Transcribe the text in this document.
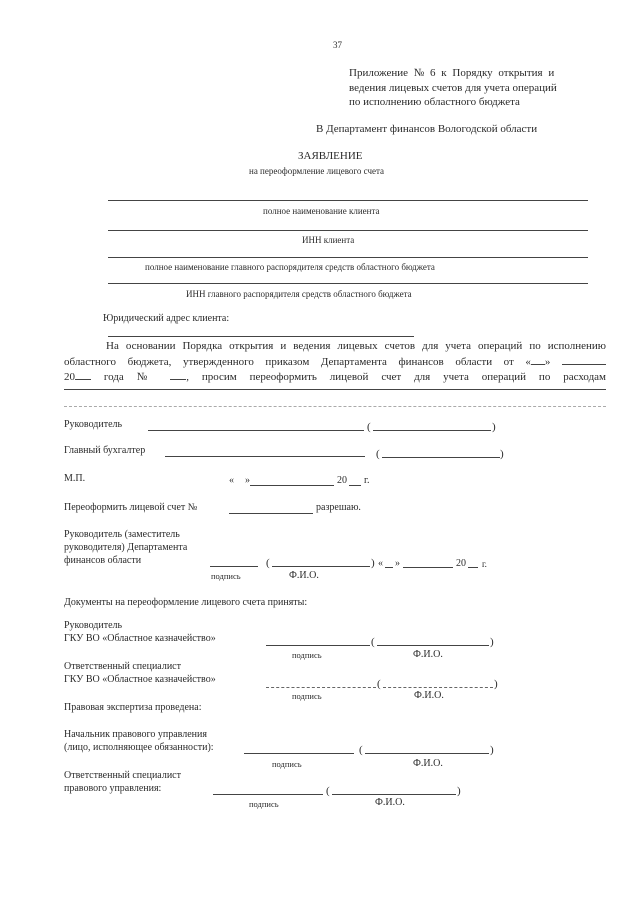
37
Приложение № 6 к Порядку открытия и
ведения лицевых счетов для учета операций
по исполнению областного бюджета
В Департамент финансов Вологодской области
ЗАЯВЛЕНИЕ
на переоформление лицевого счета
полное наименование клиента
ИНН клиента
полное наименование главного распорядителя средств областного бюджета
ИНН главного распорядителя средств областного бюджета
Юридический адрес клиента:
На основании Порядка открытия и ведения лицевых счетов для учета операций по исполнению
областного бюджета, утвержденного приказом Департамента финансов области от « »
20	года №	, просим переоформить лицевой счет для учета операций по расходам
Руководитель	(	)
Главный бухгалтер	(	)
М.П.	« »	20 г.
Переоформить лицевой счет №	разрешаю.
Руководитель (заместитель
руководителя) Департамента
финансов области	(	) « »	20 г.
подпись	Ф.И.О.
Документы на переоформление лицевого счета приняты:
Руководитель
ГКУ ВО «Областное казначейство»	(	)
подпись	Ф.И.О.
Ответственный специалист
ГКУ ВО «Областное казначейство»	(	)
подпись	Ф.И.О.
Правовая экспертиза проведена:
Начальник правового управления
(лицо, исполняющее обязанности):	(	)
подпись	Ф.И.О.
Ответственный специалист
правового управления:	(	)
подпись	Ф.И.О.
